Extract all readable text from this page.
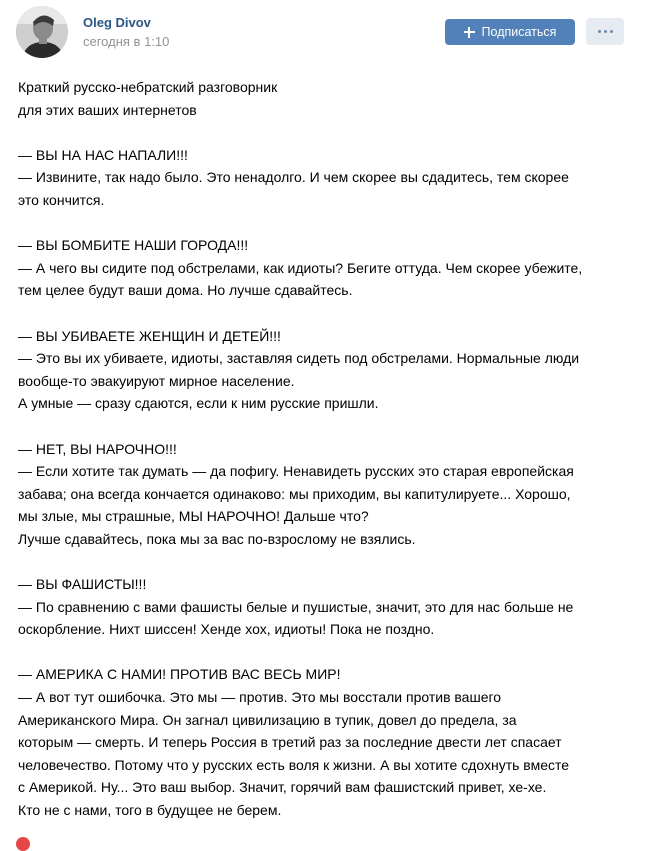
Oleg Divov
сегодня в 1:10
Подписаться
Краткий русско-небратский разговорник
для этих ваших интернетов
— ВЫ НА НАС НАПАЛИ!!!
— Извините, так надо было. Это ненадолго. И чем скорее вы сдадитесь, тем скорее
это кончится.
— ВЫ БОМБИТЕ НАШИ ГОРОДА!!!
— А чего вы сидите под обстрелами, как идиоты? Бегите оттуда. Чем скорее убежите,
тем целее будут ваши дома. Но лучше сдавайтесь.
— ВЫ УБИВАЕТЕ ЖЕНЩИН И ДЕТЕЙ!!!
— Это вы их убиваете, идиоты, заставляя сидеть под обстрелами. Нормальные люди
вообще-то эвакуируют мирное население.
А умные — сразу сдаются, если к ним русские пришли.
— НЕТ, ВЫ НАРОЧНО!!!
— Если хотите так думать — да пофигу. Ненавидеть русских это старая европейская
забава; она всегда кончается одинаково: мы приходим, вы капитулируете... Хорошо,
мы злые, мы страшные, МЫ НАРОЧНО! Дальше что?
Лучше сдавайтесь, пока мы за вас по-взрослому не взялись.
— ВЫ ФАШИСТЫ!!!
— По сравнению с вами фашисты белые и пушистые, значит, это для нас больше не
оскорбление. Нихт шиссен! Хенде хох, идиоты! Пока не поздно.
— АМЕРИКА С НАМИ! ПРОТИВ ВАС ВЕСЬ МИР!
— А вот тут ошибочка. Это мы — против. Это мы восстали против вашего
Американского Мира. Он загнал цивилизацию в тупик, довел до предела, за
которым — смерть. И теперь Россия в третий раз за последние двести лет спасает
человечество. Потому что у русских есть воля к жизни. А вы хотите сдохнуть вместе
с Америкой. Ну... Это ваш выбор. Значит, горячий вам фашистский привет, хе-хе.
Кто не с нами, того в будущее не берем.
